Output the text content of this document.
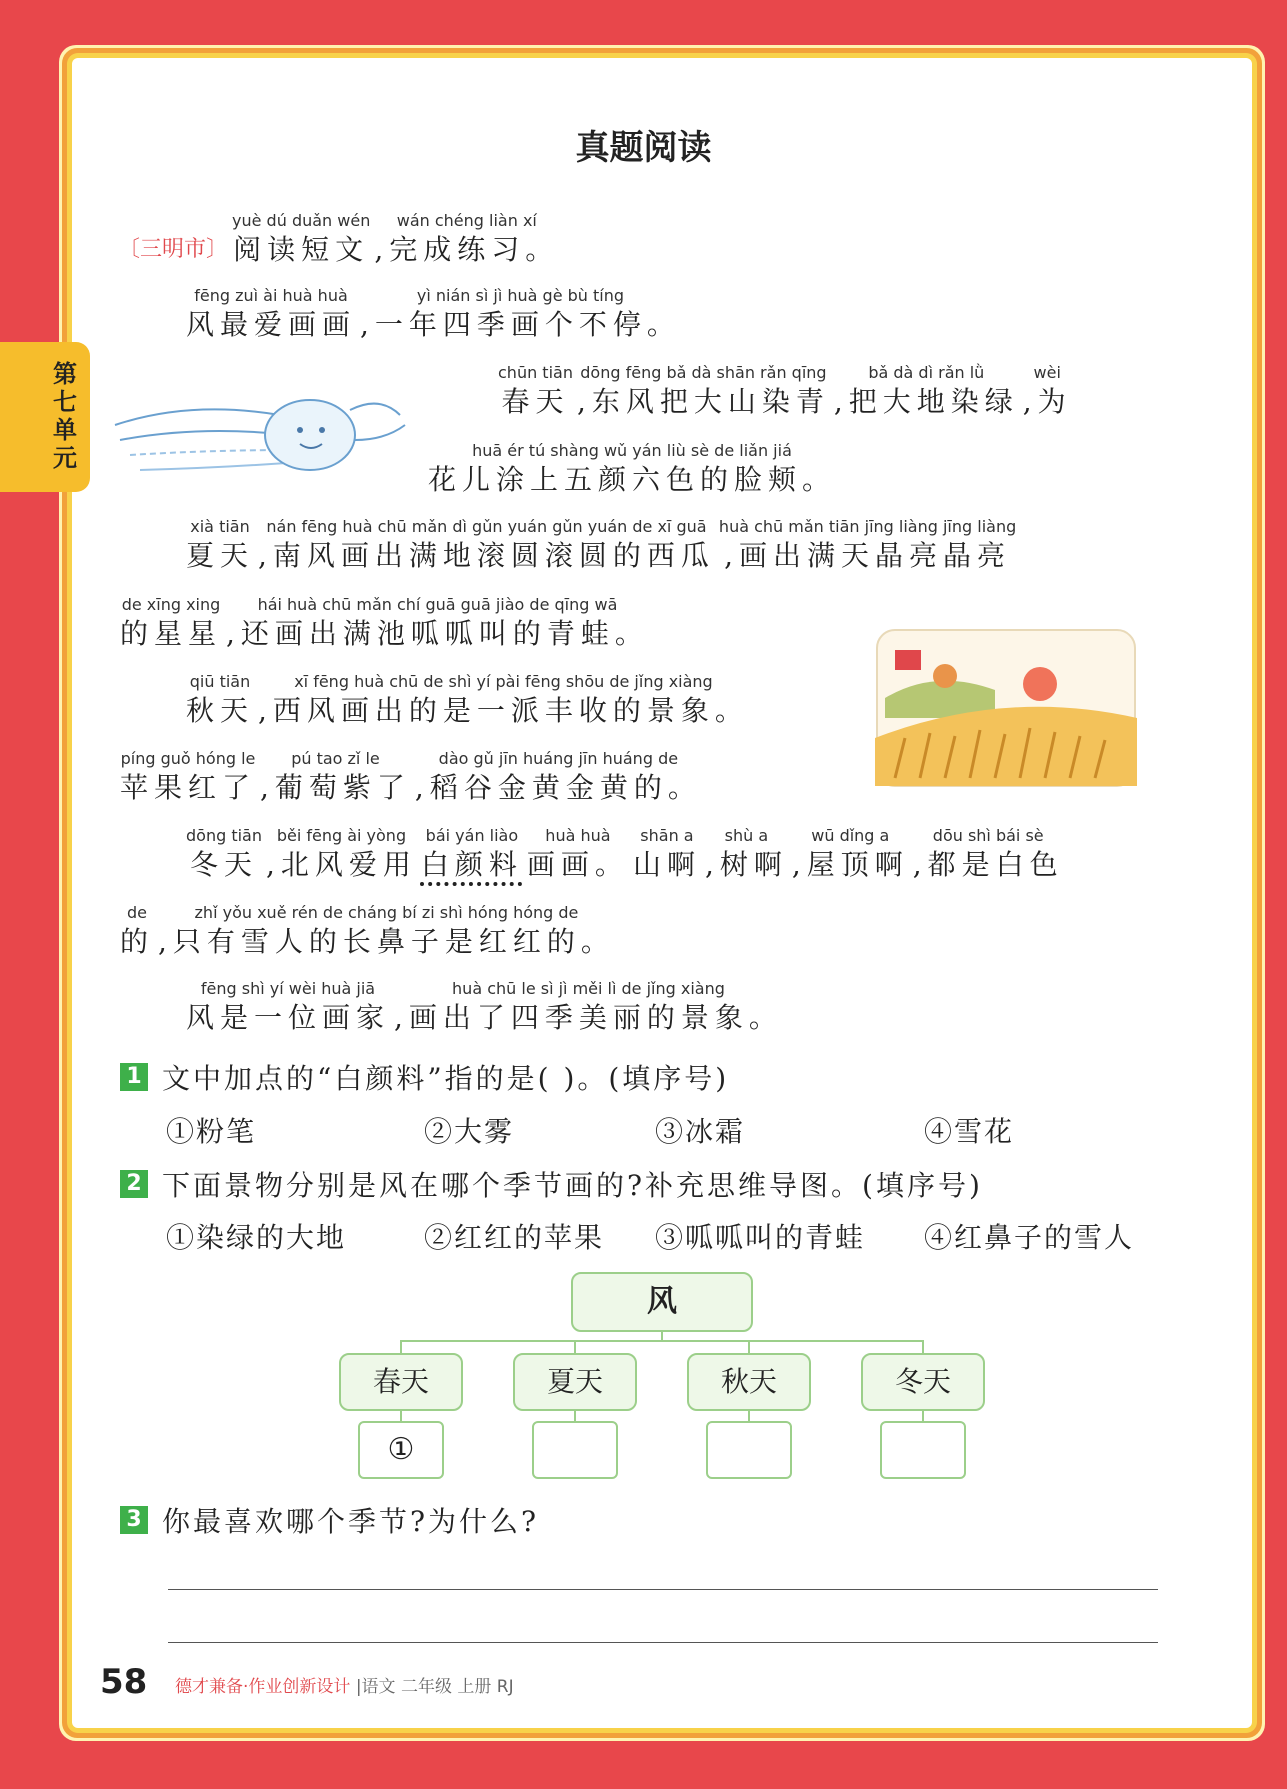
第七单元
真题阅读
〔三明市〕
yuè dú duǎn wén
阅读短文
wán chéng liàn xí
,完成练习。
fēng zuì ài huà huà
风最爱画画
yì nián sì jì huà gè bù tíng
,一年四季画个不停。
chūn tiān
春天
dōng fēng bǎ dà shān rǎn qīng
,东风把大山染青
bǎ dà dì rǎn lǜ
,把大地染绿
wèi
,为
huā ér tú shàng wǔ yán liù sè de liǎn jiá
花儿涂上五颜六色的脸颊。
xià tiān
夏天
nán fēng huà chū mǎn dì gǔn yuán gǔn yuán de xī guā
,南风画出满地滚圆滚圆的西瓜
huà chū mǎn tiān jīng liàng jīng liàng
,画出满天晶亮晶亮
de xīng xing
的星星
hái huà chū mǎn chí guā guā jiào de qīng wā
,还画出满池呱呱叫的青蛙。
qiū tiān
秋天
xī fēng huà chū de shì yí pài fēng shōu de jǐng xiàng
,西风画出的是一派丰收的景象。
píng guǒ hóng le
苹果红了
pú tao zǐ le
,葡萄紫了
dào gǔ jīn huáng jīn huáng de
,稻谷金黄金黄的。
dōng tiān
冬天
běi fēng ài yòng
,北风爱用
bái yán liào
白颜料
huà huà
画画。
shān a
山啊
shù a
,树啊
wū dǐng a
,屋顶啊
dōu shì bái sè
,都是白色
de
的
zhǐ yǒu xuě rén de cháng bí zi shì hóng hóng de
,只有雪人的长鼻子是红红的。
fēng shì yí wèi huà jiā
风是一位画家
huà chū le sì jì měi lì de jǐng xiàng
,画出了四季美丽的景象。
1 文中加点的“白颜料”指的是( )。(填序号)
①粉笔	②大雾	③冰霜	④雪花
2 下面景物分别是风在哪个季节画的?补充思维导图。(填序号)
①染绿的大地	②红红的苹果 ③呱呱叫的青蛙 ④红鼻子的雪人
风
春天	夏天	秋天	冬天
①
3 你最喜欢哪个季节?为什么?
58 德才兼备·作业创新设计 |语文 二年级 上册 RJ
